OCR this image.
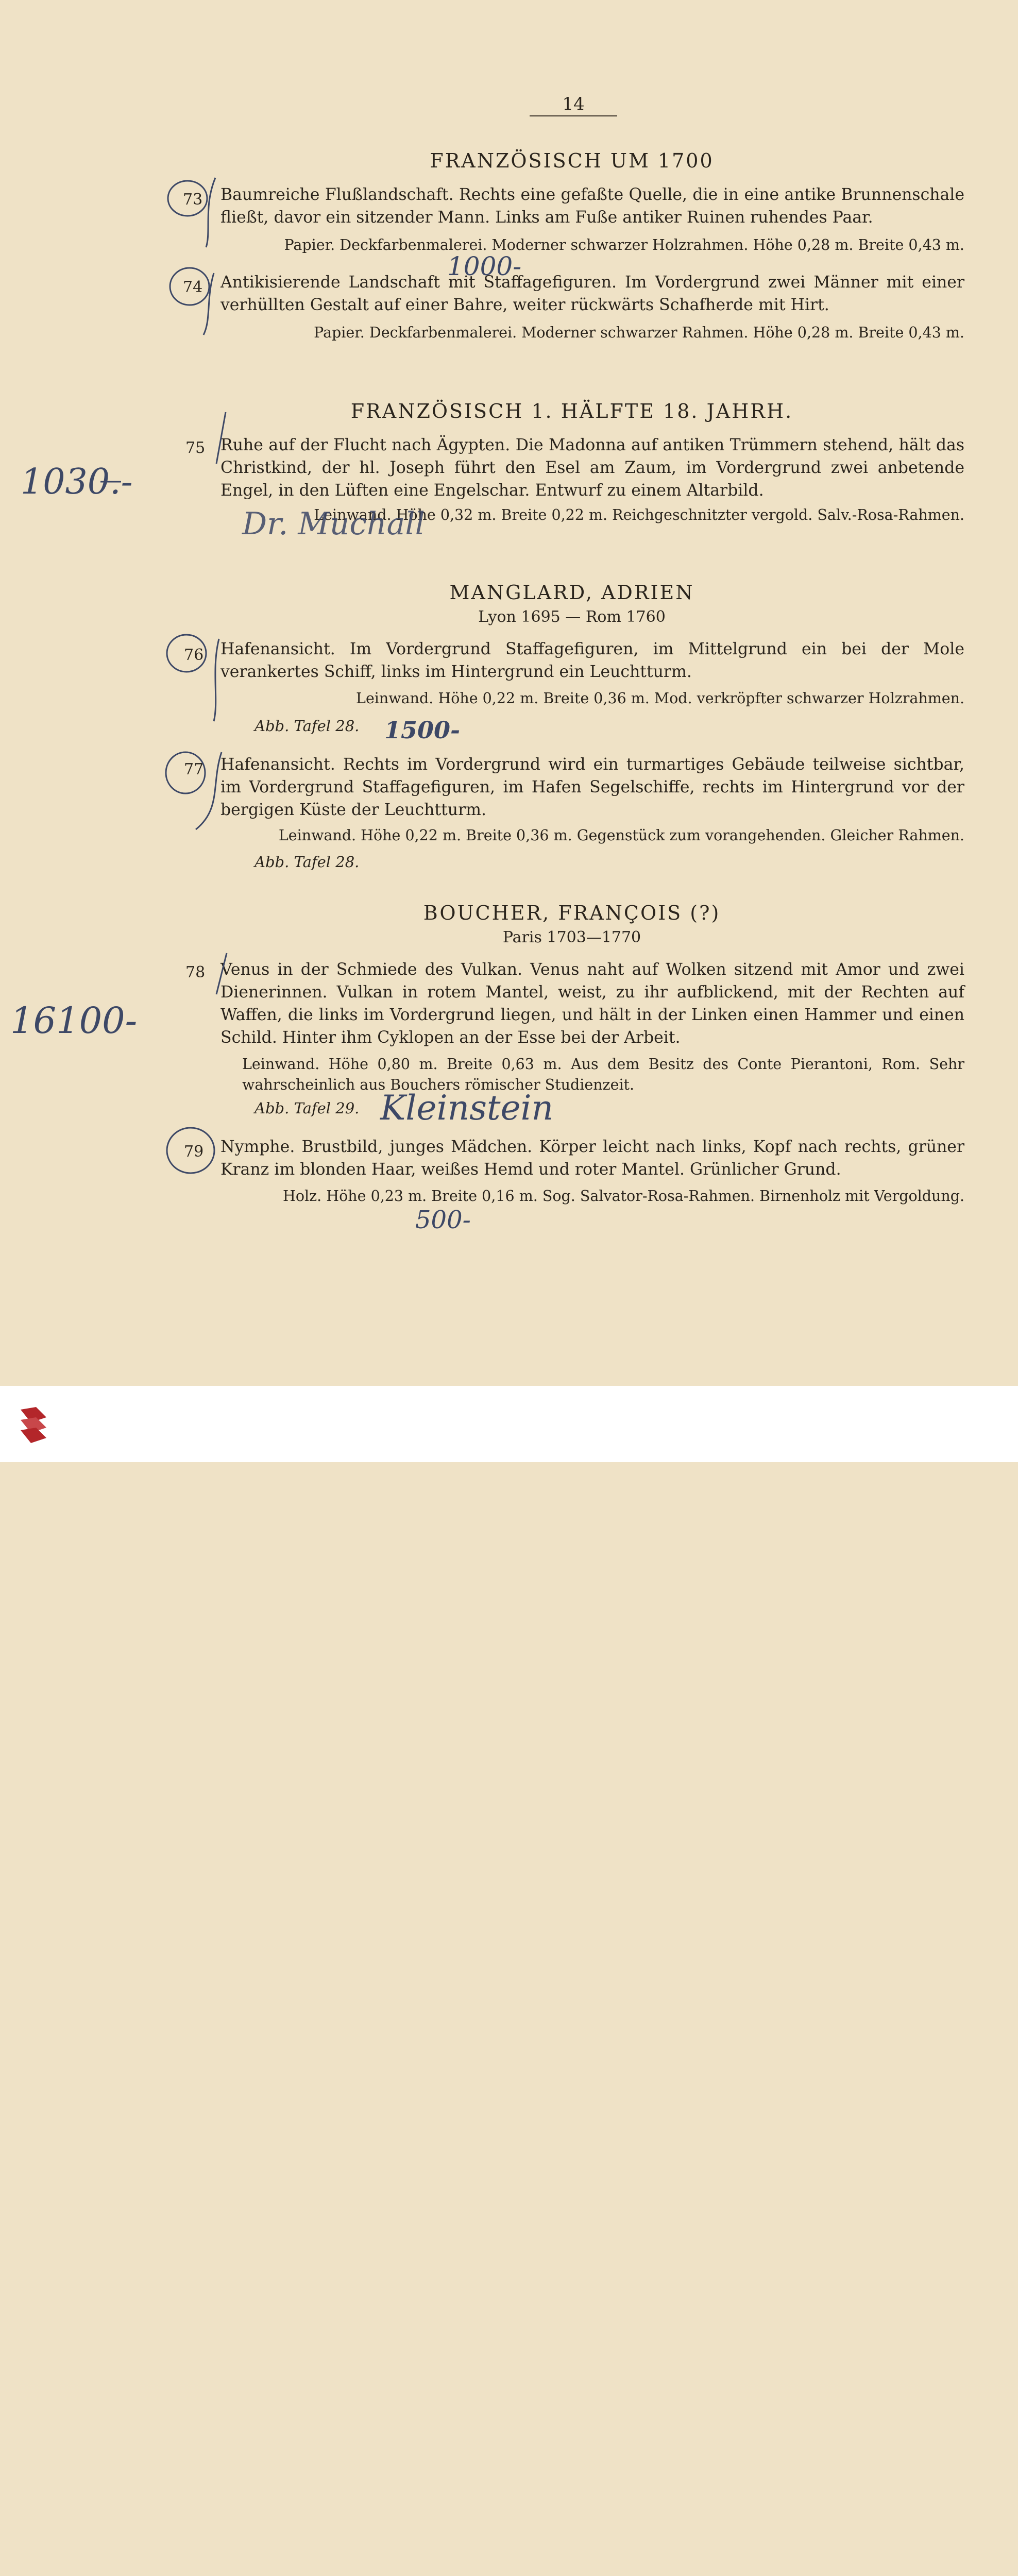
14
FRANZÖSISCH UM 1700
73 Baumreiche Flußlandschaft. Rechts eine gefaßte Quelle, die in eine antike Brunnenschale fließt, davor ein sitzender Mann. Links am Fuße antiker Ruinen ruhendes Paar.
Papier. Deckfarbenmalerei. Moderner schwarzer Holzrahmen. Höhe 0,28 m. Breite 0,43 m.
74 Antikisierende Landschaft mit Staffagefiguren. Im Vordergrund zwei Männer mit einer verhüllten Gestalt auf einer Bahre, weiter rückwärts Schafherde mit Hirt.
Papier. Deckfarbenmalerei. Moderner schwarzer Rahmen. Höhe 0,28 m. Breite 0,43 m.
FRANZÖSISCH 1. HÄLFTE 18. JAHRH.
75 Ruhe auf der Flucht nach Ägypten. Die Madonna auf antiken Trümmern stehend, hält das Christkind, der hl. Joseph führt den Esel am Zaum, im Vordergrund zwei anbetende Engel, in den Lüften eine Engelschar. Entwurf zu einem Altarbild.
Leinwand. Höhe 0,32 m. Breite 0,22 m. Reichgeschnitzter vergold. Salv.-Rosa-Rahmen.
MANGLARD, ADRIEN
Lyon 1695 — Rom 1760
76 Hafenansicht. Im Vordergrund Staffagefiguren, im Mittelgrund ein bei der Mole verankertes Schiff, links im Hintergrund ein Leuchtturm.
Leinwand. Höhe 0,22 m. Breite 0,36 m. Mod. verkröpfter schwarzer Holzrahmen.
Abb. Tafel 28.
77 Hafenansicht. Rechts im Vordergrund wird ein turmartiges Gebäude teilweise sichtbar, im Vordergrund Staffagefiguren, im Hafen Segelschiffe, rechts im Hintergrund vor der bergigen Küste der Leuchtturm.
Leinwand. Höhe 0,22 m. Breite 0,36 m. Gegenstück zum vorangehenden. Gleicher Rahmen.
Abb. Tafel 28.
BOUCHER, FRANÇOIS (?)
Paris 1703—1770
78 Venus in der Schmiede des Vulkan. Venus naht auf Wolken sitzend mit Amor und zwei Dienerinnen. Vulkan in rotem Mantel, weist, zu ihr aufblickend, mit der Rechten auf Waffen, die links im Vordergrund liegen, und hält in der Linken einen Hammer und einen Schild. Hinter ihm Cyklopen an der Esse bei der Arbeit.
Leinwand. Höhe 0,80 m. Breite 0,63 m. Aus dem Besitz des Conte Pierantoni, Rom. Sehr wahrscheinlich aus Bouchers römischer Studienzeit.
Abb. Tafel 29.
79 Nymphe. Brustbild, junges Mädchen. Körper leicht nach links, Kopf nach rechts, grüner Kranz im blonden Haar, weißes Hemd und roter Mantel. Grünlicher Grund.
Holz. Höhe 0,23 m. Breite 0,16 m. Sog. Salvator-Rosa-Rahmen. Birnenholz mit Vergoldung.
1000-
1030.-
Dr. Muchall
1500-
16100-
Kleinstein
500-
